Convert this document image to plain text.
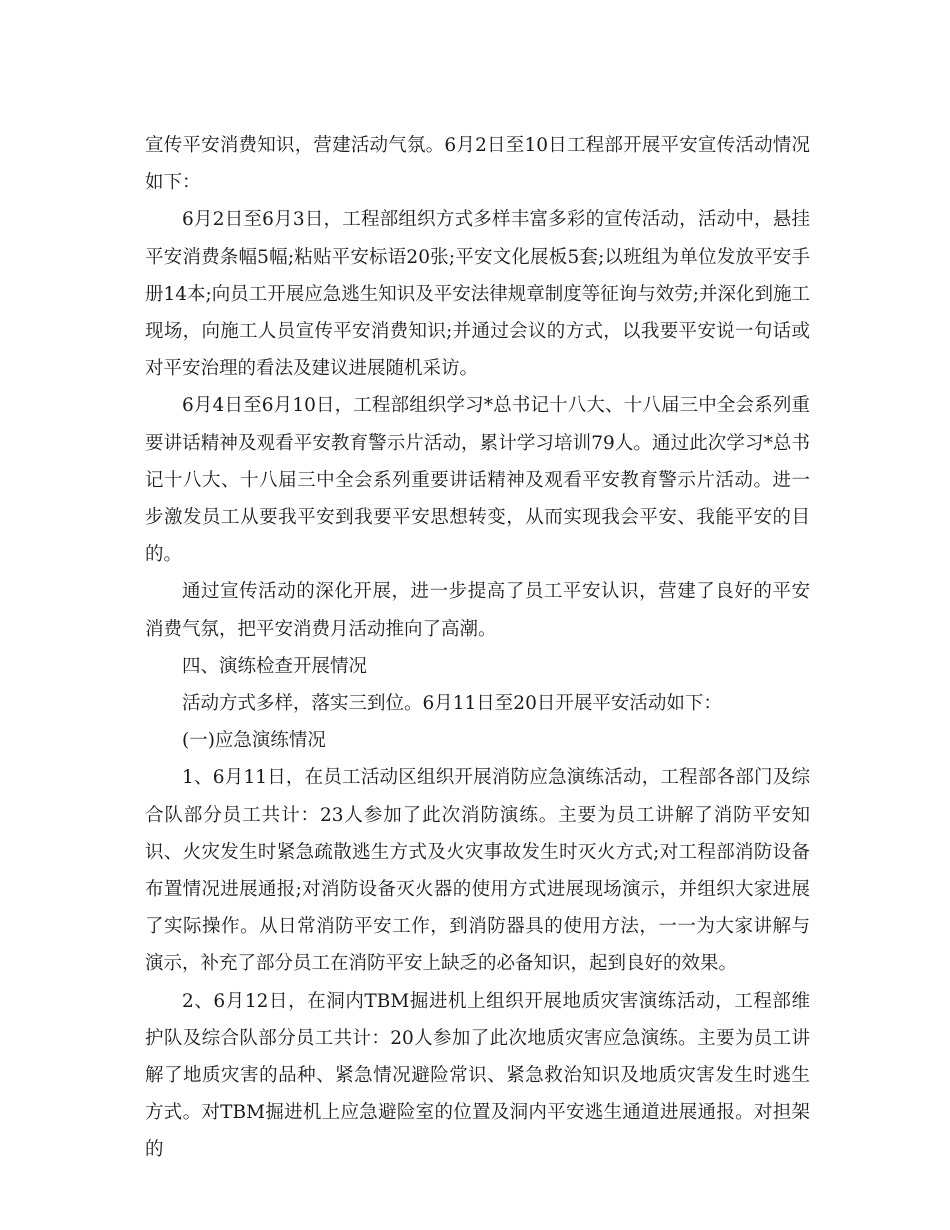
宣传平安消费知识，营建活动气氛。6月2日至10日工程部开展平安宣传活动情况如下：

6月2日至6月3日，工程部组织方式多样丰富多彩的宣传活动，活动中，悬挂平安消费条幅5幅;粘贴平安标语20张;平安文化展板5套;以班组为单位发放平安手册14本;向员工开展应急逃生知识及平安法律规章制度等征询与效劳;并深化到施工现场，向施工人员宣传平安消费知识;并通过会议的方式，以我要平安说一句话或对平安治理的看法及建议进展随机采访。

6月4日至6月10日，工程部组织学习*总书记十八大、十八届三中全会系列重要讲话精神及观看平安教育警示片活动，累计学习培训79人。通过此次学习*总书记十八大、十八届三中全会系列重要讲话精神及观看平安教育警示片活动。进一步激发员工从要我平安到我要平安思想转变，从而实现我会平安、我能平安的目的。

通过宣传活动的深化开展，进一步提高了员工平安认识，营建了良好的平安消费气氛，把平安消费月活动推向了高潮。

四、演练检查开展情况

活动方式多样，落实三到位。6月11日至20日开展平安活动如下：

(一)应急演练情况

1、6月11日，在员工活动区组织开展消防应急演练活动，工程部各部门及综合队部分员工共计：23人参加了此次消防演练。主要为员工讲解了消防平安知识、火灾发生时紧急疏散逃生方式及火灾事故发生时灭火方式;对工程部消防设备布置情况进展通报;对消防设备灭火器的使用方式进展现场演示，并组织大家进展了实际操作。从日常消防平安工作，到消防器具的使用方法，一一为大家讲解与演示，补充了部分员工在消防平安上缺乏的必备知识，起到良好的效果。

2、6月12日，在洞内TBM掘进机上组织开展地质灾害演练活动，工程部维护队及综合队部分员工共计：20人参加了此次地质灾害应急演练。主要为员工讲解了地质灾害的品种、紧急情况避险常识、紧急救治知识及地质灾害发生时逃生方式。对TBM掘进机上应急避险室的位置及洞内平安逃生通道进展通报。对担架的
